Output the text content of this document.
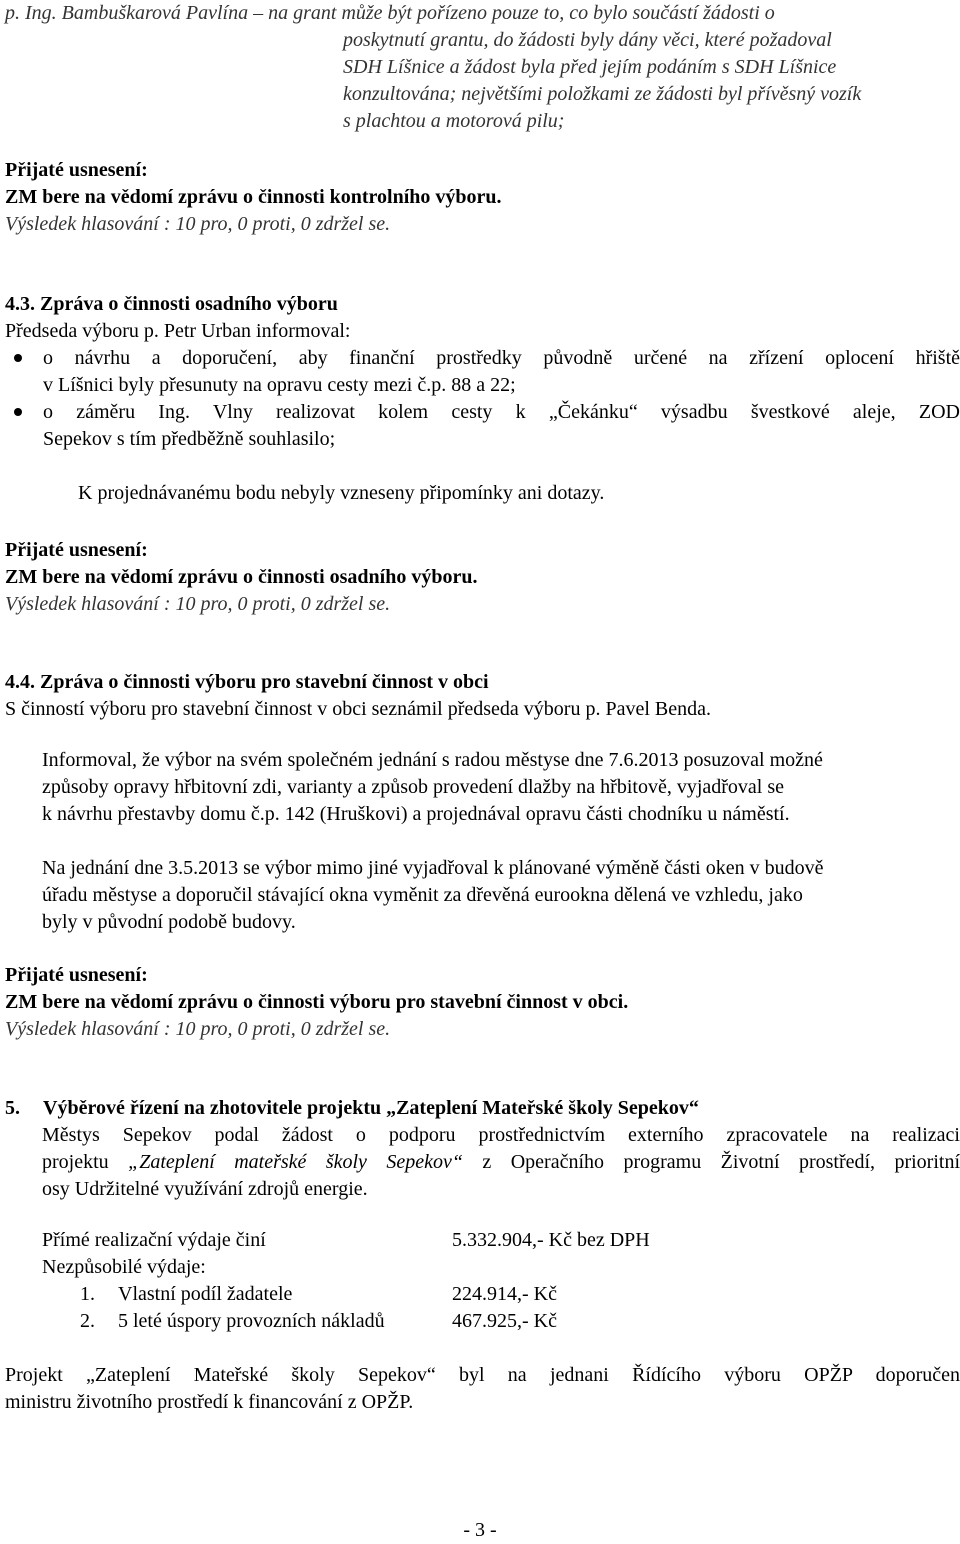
p. Ing. Bambuškarová Pavlína – na grant může být pořízeno pouze to, co bylo součástí žádosti o
poskytnutí grantu, do žádosti byly dány věci, které požadoval
SDH Líšnice a žádost byla před jejím podáním s SDH Líšnice
konzultována; největšími položkami ze žádosti byl přívěsný vozík
s plachtou a motorová pilu;
Přijaté usnesení:
ZM bere na vědomí zprávu o činnosti kontrolního výboru.
Výsledek hlasování : 10 pro, 0 proti, 0 zdržel se.
4.3. Zpráva o činnosti osadního výboru
Předseda výboru p. Petr Urban informoval:
o návrhu a doporučení, aby finanční prostředky původně určené na zřízení oplocení hřiště
v Líšnici byly přesunuty na opravu cesty mezi č.p. 88 a 22;
o záměru Ing. Vlny realizovat kolem cesty k „Čekánku“ výsadbu švestkové aleje, ZOD
Sepekov s tím předběžně souhlasilo;
K projednávanému bodu nebyly vzneseny připomínky ani dotazy.
Přijaté usnesení:
ZM bere na vědomí zprávu o činnosti osadního výboru.
Výsledek hlasování : 10 pro, 0 proti, 0 zdržel se.
4.4. Zpráva o činnosti výboru pro stavební činnost v obci
S činností výboru pro stavební činnost v obci seznámil předseda výboru p. Pavel Benda.
Informoval, že výbor na svém společném jednání s radou městyse dne 7.6.2013 posuzoval možné
způsoby opravy hřbitovní zdi, varianty a způsob provedení dlažby na hřbitově, vyjadřoval se
k návrhu přestavby domu č.p. 142 (Hruškovi) a projednával opravu části chodníku u náměstí.
Na jednání dne 3.5.2013 se výbor mimo jiné vyjadřoval k plánované výměně části oken v budově
úřadu městyse a doporučil stávající okna vyměnit za dřevěná eurookna dělená ve vzhledu, jako
byly v původní podobě budovy.
Přijaté usnesení:
ZM bere na vědomí zprávu o činnosti výboru pro stavební činnost v obci.
Výsledek hlasování : 10 pro, 0 proti, 0 zdržel se.
5. Výběrové řízení na zhotovitele projektu „Zateplení Mateřské školy Sepekov“
Městys Sepekov podal žádost o podporu prostřednictvím externího zpracovatele na realizaci
projektu „Zateplení mateřské školy Sepekov“ z Operačního programu Životní prostředí, prioritní
osy Udržitelné využívání zdrojů energie.
Přímé realizační výdaje činí	5.332.904,- Kč bez DPH
Nezpůsobilé výdaje:
1. Vlastní podíl žadatele	224.914,- Kč
2. 5 leté úspory provozních nákladů	467.925,- Kč
Projekt „Zateplení Mateřské školy Sepekov“ byl na jednani Řídícího výboru OPŽP doporučen
ministru životního prostředí k financování z OPŽP.
- 3 -
